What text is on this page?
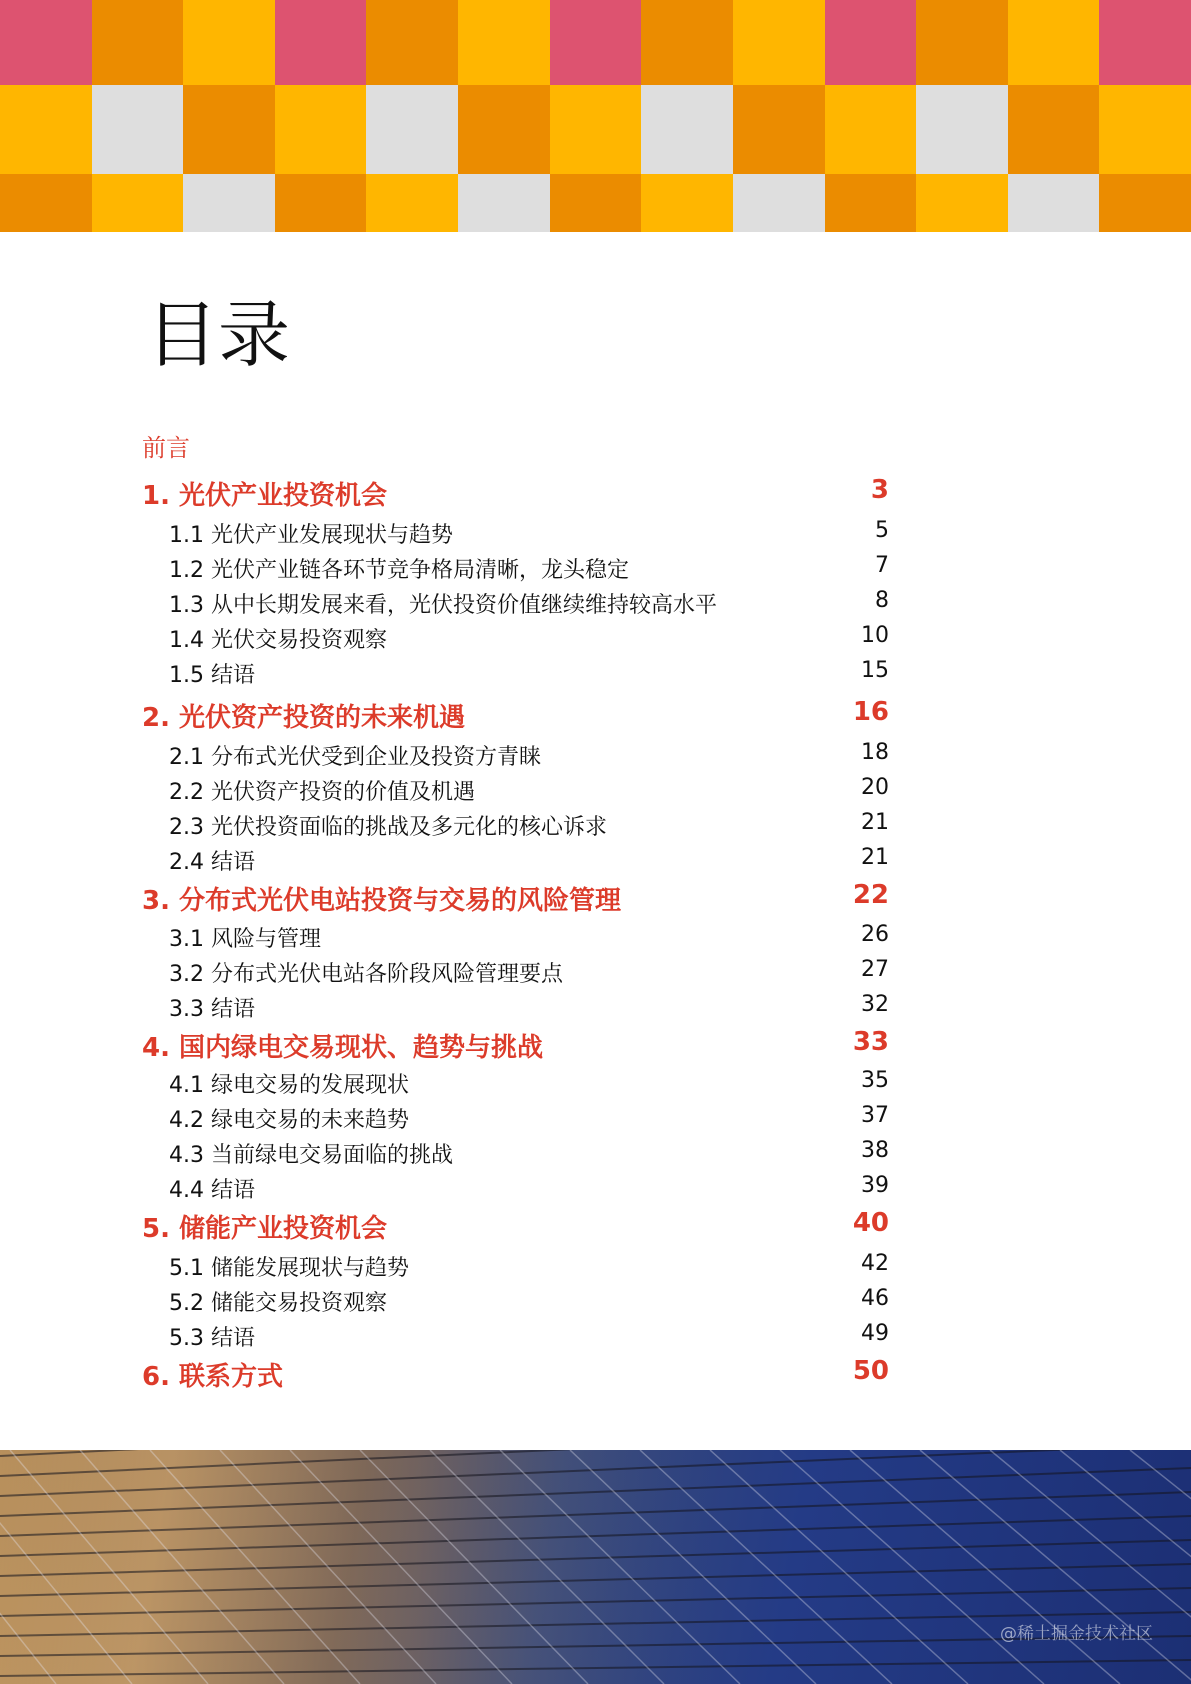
目录
前言
1. 光伏产业投资机会	3
1.1 光伏产业发展现状与趋势	5
1.2 光伏产业链各环节竞争格局清晰，龙头稳定	7
1.3 从中长期发展来看，光伏投资价值继续维持较高水平	8
1.4 光伏交易投资观察	10
1.5 结语	15
2. 光伏资产投资的未来机遇	16
2.1 分布式光伏受到企业及投资方青睐	18
2.2 光伏资产投资的价值及机遇	20
2.3 光伏投资面临的挑战及多元化的核心诉求	21
2.4 结语	21
3. 分布式光伏电站投资与交易的风险管理	22
3.1 风险与管理	26
3.2 分布式光伏电站各阶段风险管理要点	27
3.3 结语	32
4. 国内绿电交易现状、趋势与挑战	33
4.1 绿电交易的发展现状	35
4.2 绿电交易的未来趋势	37
4.3 当前绿电交易面临的挑战	38
4.4 结语	39
5. 储能产业投资机会	40
5.1 储能发展现状与趋势	42
5.2 储能交易投资观察	46
5.3 结语	49
6. 联系方式	50
@稀土掘金技术社区
